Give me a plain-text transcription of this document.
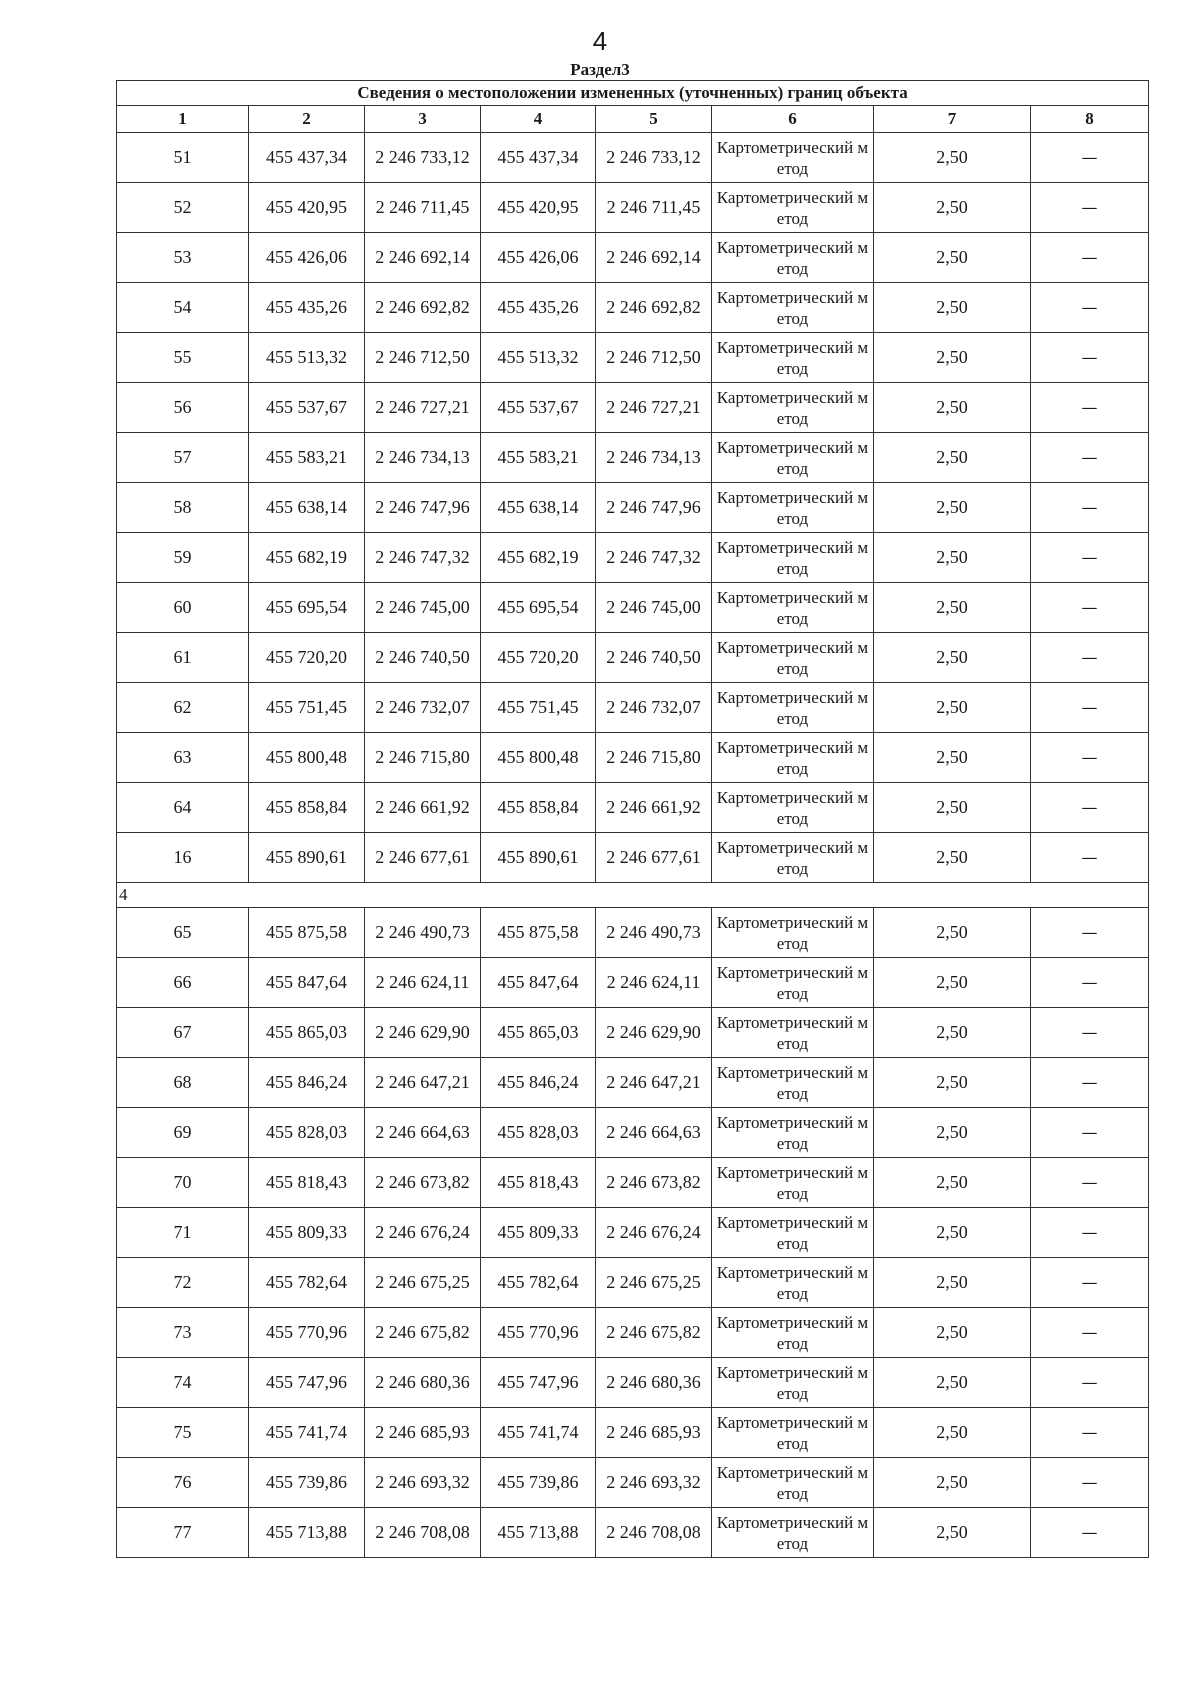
4
Раздел3
Сведения о местоположении измененных (уточненных) границ объекта							
1	2	3	4	5	6	7	8
51	455 437,34	2 246 733,12	455 437,34	2 246 733,12	Картометрический метод	2,50	—
52	455 420,95	2 246 711,45	455 420,95	2 246 711,45	Картометрический метод	2,50	—
53	455 426,06	2 246 692,14	455 426,06	2 246 692,14	Картометрический метод	2,50	—
54	455 435,26	2 246 692,82	455 435,26	2 246 692,82	Картометрический метод	2,50	—
55	455 513,32	2 246 712,50	455 513,32	2 246 712,50	Картометрический метод	2,50	—
56	455 537,67	2 246 727,21	455 537,67	2 246 727,21	Картометрический метод	2,50	—
57	455 583,21	2 246 734,13	455 583,21	2 246 734,13	Картометрический метод	2,50	—
58	455 638,14	2 246 747,96	455 638,14	2 246 747,96	Картометрический метод	2,50	—
59	455 682,19	2 246 747,32	455 682,19	2 246 747,32	Картометрический метод	2,50	—
60	455 695,54	2 246 745,00	455 695,54	2 246 745,00	Картометрический метод	2,50	—
61	455 720,20	2 246 740,50	455 720,20	2 246 740,50	Картометрический метод	2,50	—
62	455 751,45	2 246 732,07	455 751,45	2 246 732,07	Картометрический метод	2,50	—
63	455 800,48	2 246 715,80	455 800,48	2 246 715,80	Картометрический метод	2,50	—
64	455 858,84	2 246 661,92	455 858,84	2 246 661,92	Картометрический метод	2,50	—
16	455 890,61	2 246 677,61	455 890,61	2 246 677,61	Картометрический метод	2,50	—
4							
65	455 875,58	2 246 490,73	455 875,58	2 246 490,73	Картометрический метод	2,50	—
66	455 847,64	2 246 624,11	455 847,64	2 246 624,11	Картометрический метод	2,50	—
67	455 865,03	2 246 629,90	455 865,03	2 246 629,90	Картометрический метод	2,50	—
68	455 846,24	2 246 647,21	455 846,24	2 246 647,21	Картометрический метод	2,50	—
69	455 828,03	2 246 664,63	455 828,03	2 246 664,63	Картометрический метод	2,50	—
70	455 818,43	2 246 673,82	455 818,43	2 246 673,82	Картометрический метод	2,50	—
71	455 809,33	2 246 676,24	455 809,33	2 246 676,24	Картометрический метод	2,50	—
72	455 782,64	2 246 675,25	455 782,64	2 246 675,25	Картометрический метод	2,50	—
73	455 770,96	2 246 675,82	455 770,96	2 246 675,82	Картометрический метод	2,50	—
74	455 747,96	2 246 680,36	455 747,96	2 246 680,36	Картометрический метод	2,50	—
75	455 741,74	2 246 685,93	455 741,74	2 246 685,93	Картометрический метод	2,50	—
76	455 739,86	2 246 693,32	455 739,86	2 246 693,32	Картометрический метод	2,50	—
77	455 713,88	2 246 708,08	455 713,88	2 246 708,08	Картометрический метод	2,50	—
